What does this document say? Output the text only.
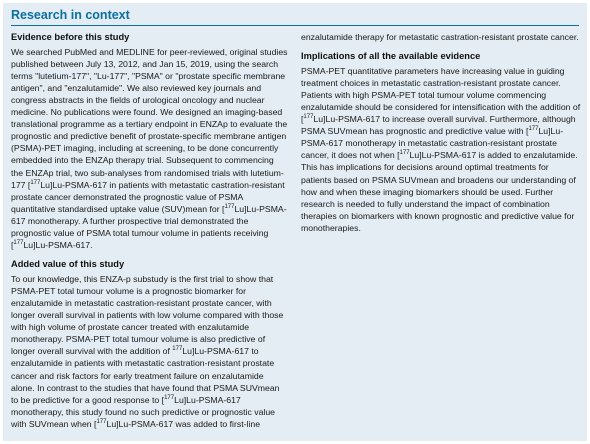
Research in context
Evidence before this study

We searched PubMed and MEDLINE for peer-reviewed, original studies published between July 13, 2012, and Jan 15, 2019, using the search terms "lutetium-177", "Lu-177", "PSMA" or "prostate specific membrane antigen", and "enzalutamide". We also reviewed key journals and congress abstracts in the fields of urological oncology and nuclear medicine. No publications were found. We designed an imaging-based translational programme as a tertiary endpoint in ENZAp to evaluate the prognostic and predictive benefit of prostate-specific membrane antigen (PSMA)-PET imaging, including at screening, to be done concurrently embedded into the ENZAp therapy trial. Subsequent to commencing the ENZAp trial, two sub-analyses from randomised trials with lutetium-177 [$^{177}$Lu]Lu-PSMA-617 in patients with metastatic castration-resistant prostate cancer demonstrated the prognostic value of PSMA quantitative standardised uptake value (SUV)mean for [$^{177}$Lu]Lu-PSMA-617 monotherapy. A further prospective trial demonstrated the prognostic value of PSMA total tumour volume in patients receiving [$^{177}$Lu]Lu-PSMA-617.

Added value of this study

To our knowledge, this ENZA-p substudy is the first trial to show that PSMA-PET total tumour volume is a prognostic biomarker for enzalutamide in metastatic castration-resistant prostate cancer, with longer overall survival in patients with low volume compared with those with high volume of prostate cancer treated with enzalutamide monotherapy. PSMA-PET total tumour volume is also predictive of longer overall survival with the addition of $^{177}$Lu]Lu-PSMA-617 to enzalutamide in patients with metastatic castration-resistant prostate cancer and risk factors for early treatment failure on enzalutamide alone. In contrast to the studies that have found that PSMA SUVmean to be predictive for a good response to [$^{177}$Lu]Lu-PSMA-617 monotherapy, this study found no such predictive or prognostic value with SUVmean when [$^{177}$Lu]Lu-PSMA-617 was added to first-line

enzalutamide therapy for metastatic castration-resistant prostate cancer.

Implications of all the available evidence

PSMA-PET quantitative parameters have increasing value in guiding treatment choices in metastatic castration-resistant prostate cancer. Patients with high PSMA-PET total tumour volume commencing enzalutamide should be considered for intensification with the addition of [$^{177}$Lu]Lu-PSMA-617 to increase overall survival. Furthermore, although PSMA SUVmean has prognostic and predictive value with [$^{177}$Lu]Lu-PSMA-617 monotherapy in metastatic castration-resistant prostate cancer, it does not when [$^{177}$Lu]Lu-PSMA-617 is added to enzalutamide. This has implications for decisions around optimal treatments for patients based on PSMA SUVmean and broadens our understanding of how and when these imaging biomarkers should be used. Further research is needed to fully understand the impact of combination therapies on biomarkers with known prognostic and predictive value for monotherapies.
